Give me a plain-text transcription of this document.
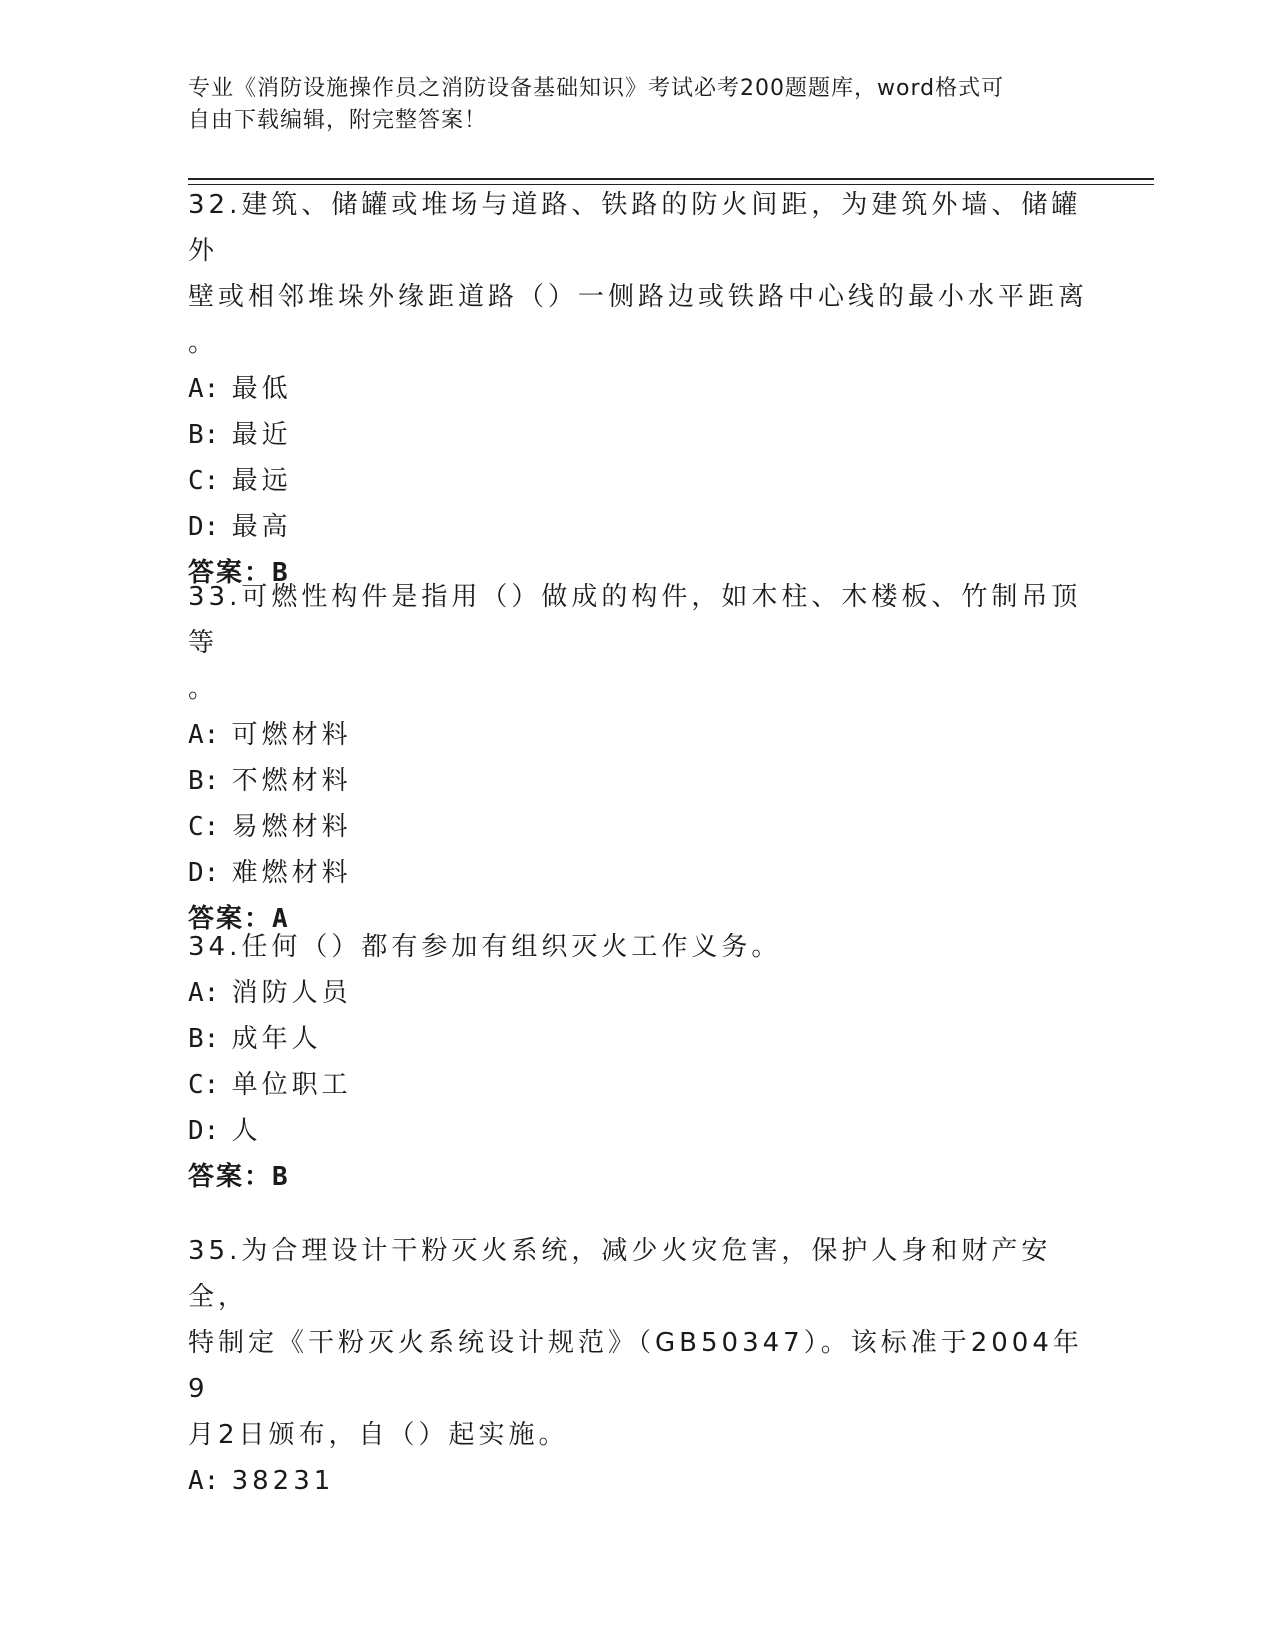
专业《消防设施操作员之消防设备基础知识》考试必考200题题库，word格式可
自由下载编辑，附完整答案！
32.建筑、储罐或堆场与道路、铁路的防火间距，为建筑外墙、储罐外
壁或相邻堆垛外缘距道路（）一侧路边或铁路中心线的最小水平距离
。
A: 最低
B: 最近
C: 最远
D: 最高
答案：B
33.可燃性构件是指用（）做成的构件，如木柱、木楼板、竹制吊顶等
。
A: 可燃材料
B: 不燃材料
C: 易燃材料
D: 难燃材料
答案：A
34.任何（）都有参加有组织灭火工作义务。
A: 消防人员
B: 成年人
C: 单位职工
D: 人
答案：B
35.为合理设计干粉灭火系统，减少火灾危害，保护人身和财产安全，
特制定《干粉灭火系统设计规范》（GB50347）。该标准于2004年9
月2日颁布，自（）起实施。
A: 38231
